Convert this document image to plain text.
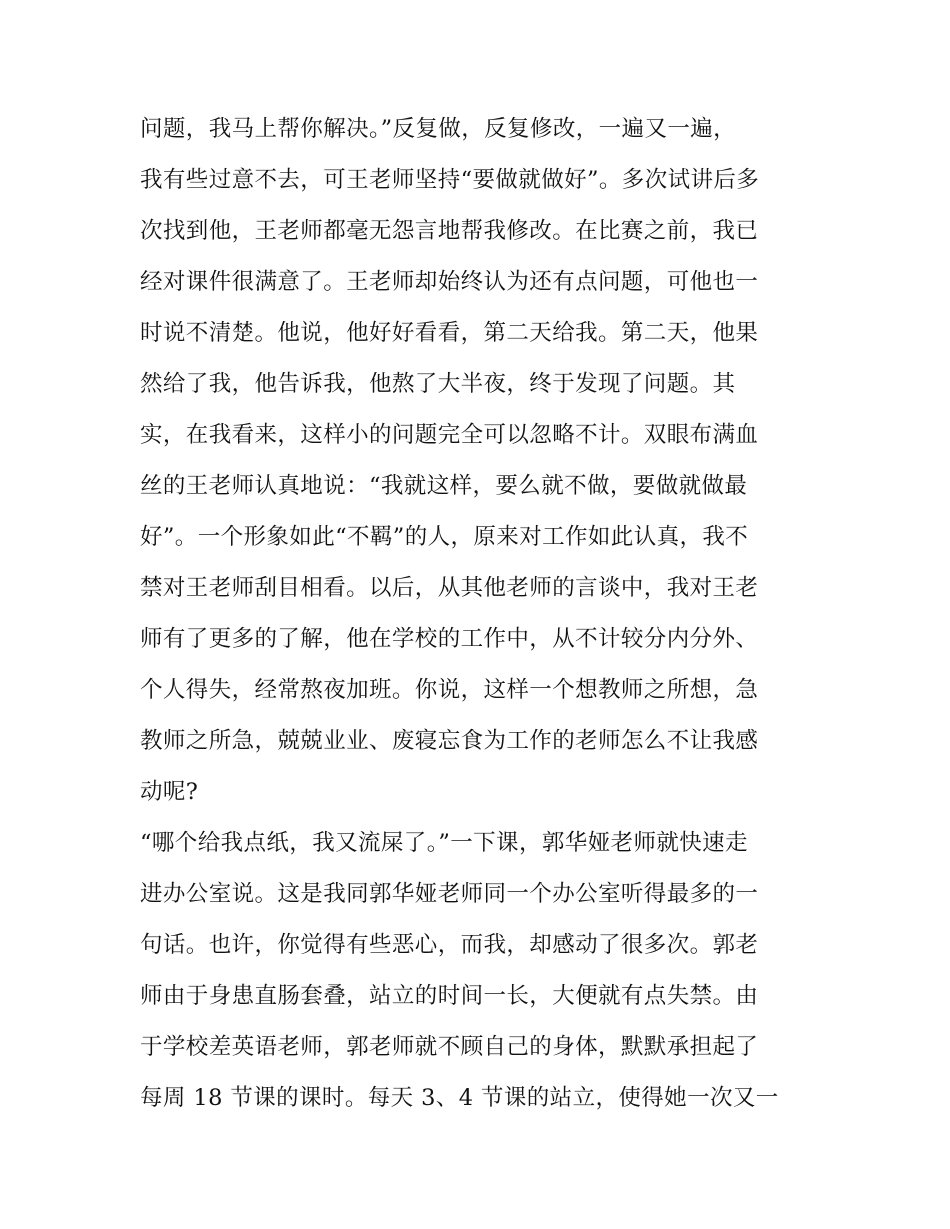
问题，我马上帮你解决。”反复做，反复修改，一遍又一遍，
我有些过意不去，可王老师坚持“要做就做好”。多次试讲后多
次找到他，王老师都毫无怨言地帮我修改。在比赛之前，我已
经对课件很满意了。王老师却始终认为还有点问题，可他也一
时说不清楚。他说，他好好看看，第二天给我。第二天，他果
然给了我，他告诉我，他熬了大半夜，终于发现了问题。其
实，在我看来，这样小的问题完全可以忽略不计。双眼布满血
丝的王老师认真地说：“我就这样，要么就不做，要做就做最
好”。一个形象如此“不羁”的人，原来对工作如此认真，我不
禁对王老师刮目相看。以后，从其他老师的言谈中，我对王老
师有了更多的了解，他在学校的工作中，从不计较分内分外、
个人得失，经常熬夜加班。你说，这样一个想教师之所想，急
教师之所急，兢兢业业、废寝忘食为工作的老师怎么不让我感
动呢?
“哪个给我点纸，我又流屎了。”一下课，郭华娅老师就快速走
进办公室说。这是我同郭华娅老师同一个办公室听得最多的一
句话。也许，你觉得有些恶心，而我，却感动了很多次。郭老
师由于身患直肠套叠，站立的时间一长，大便就有点失禁。由
于学校差英语老师，郭老师就不顾自己的身体，默默承担起了
每周 18 节课的课时。每天 3、4 节课的站立，使得她一次又一
